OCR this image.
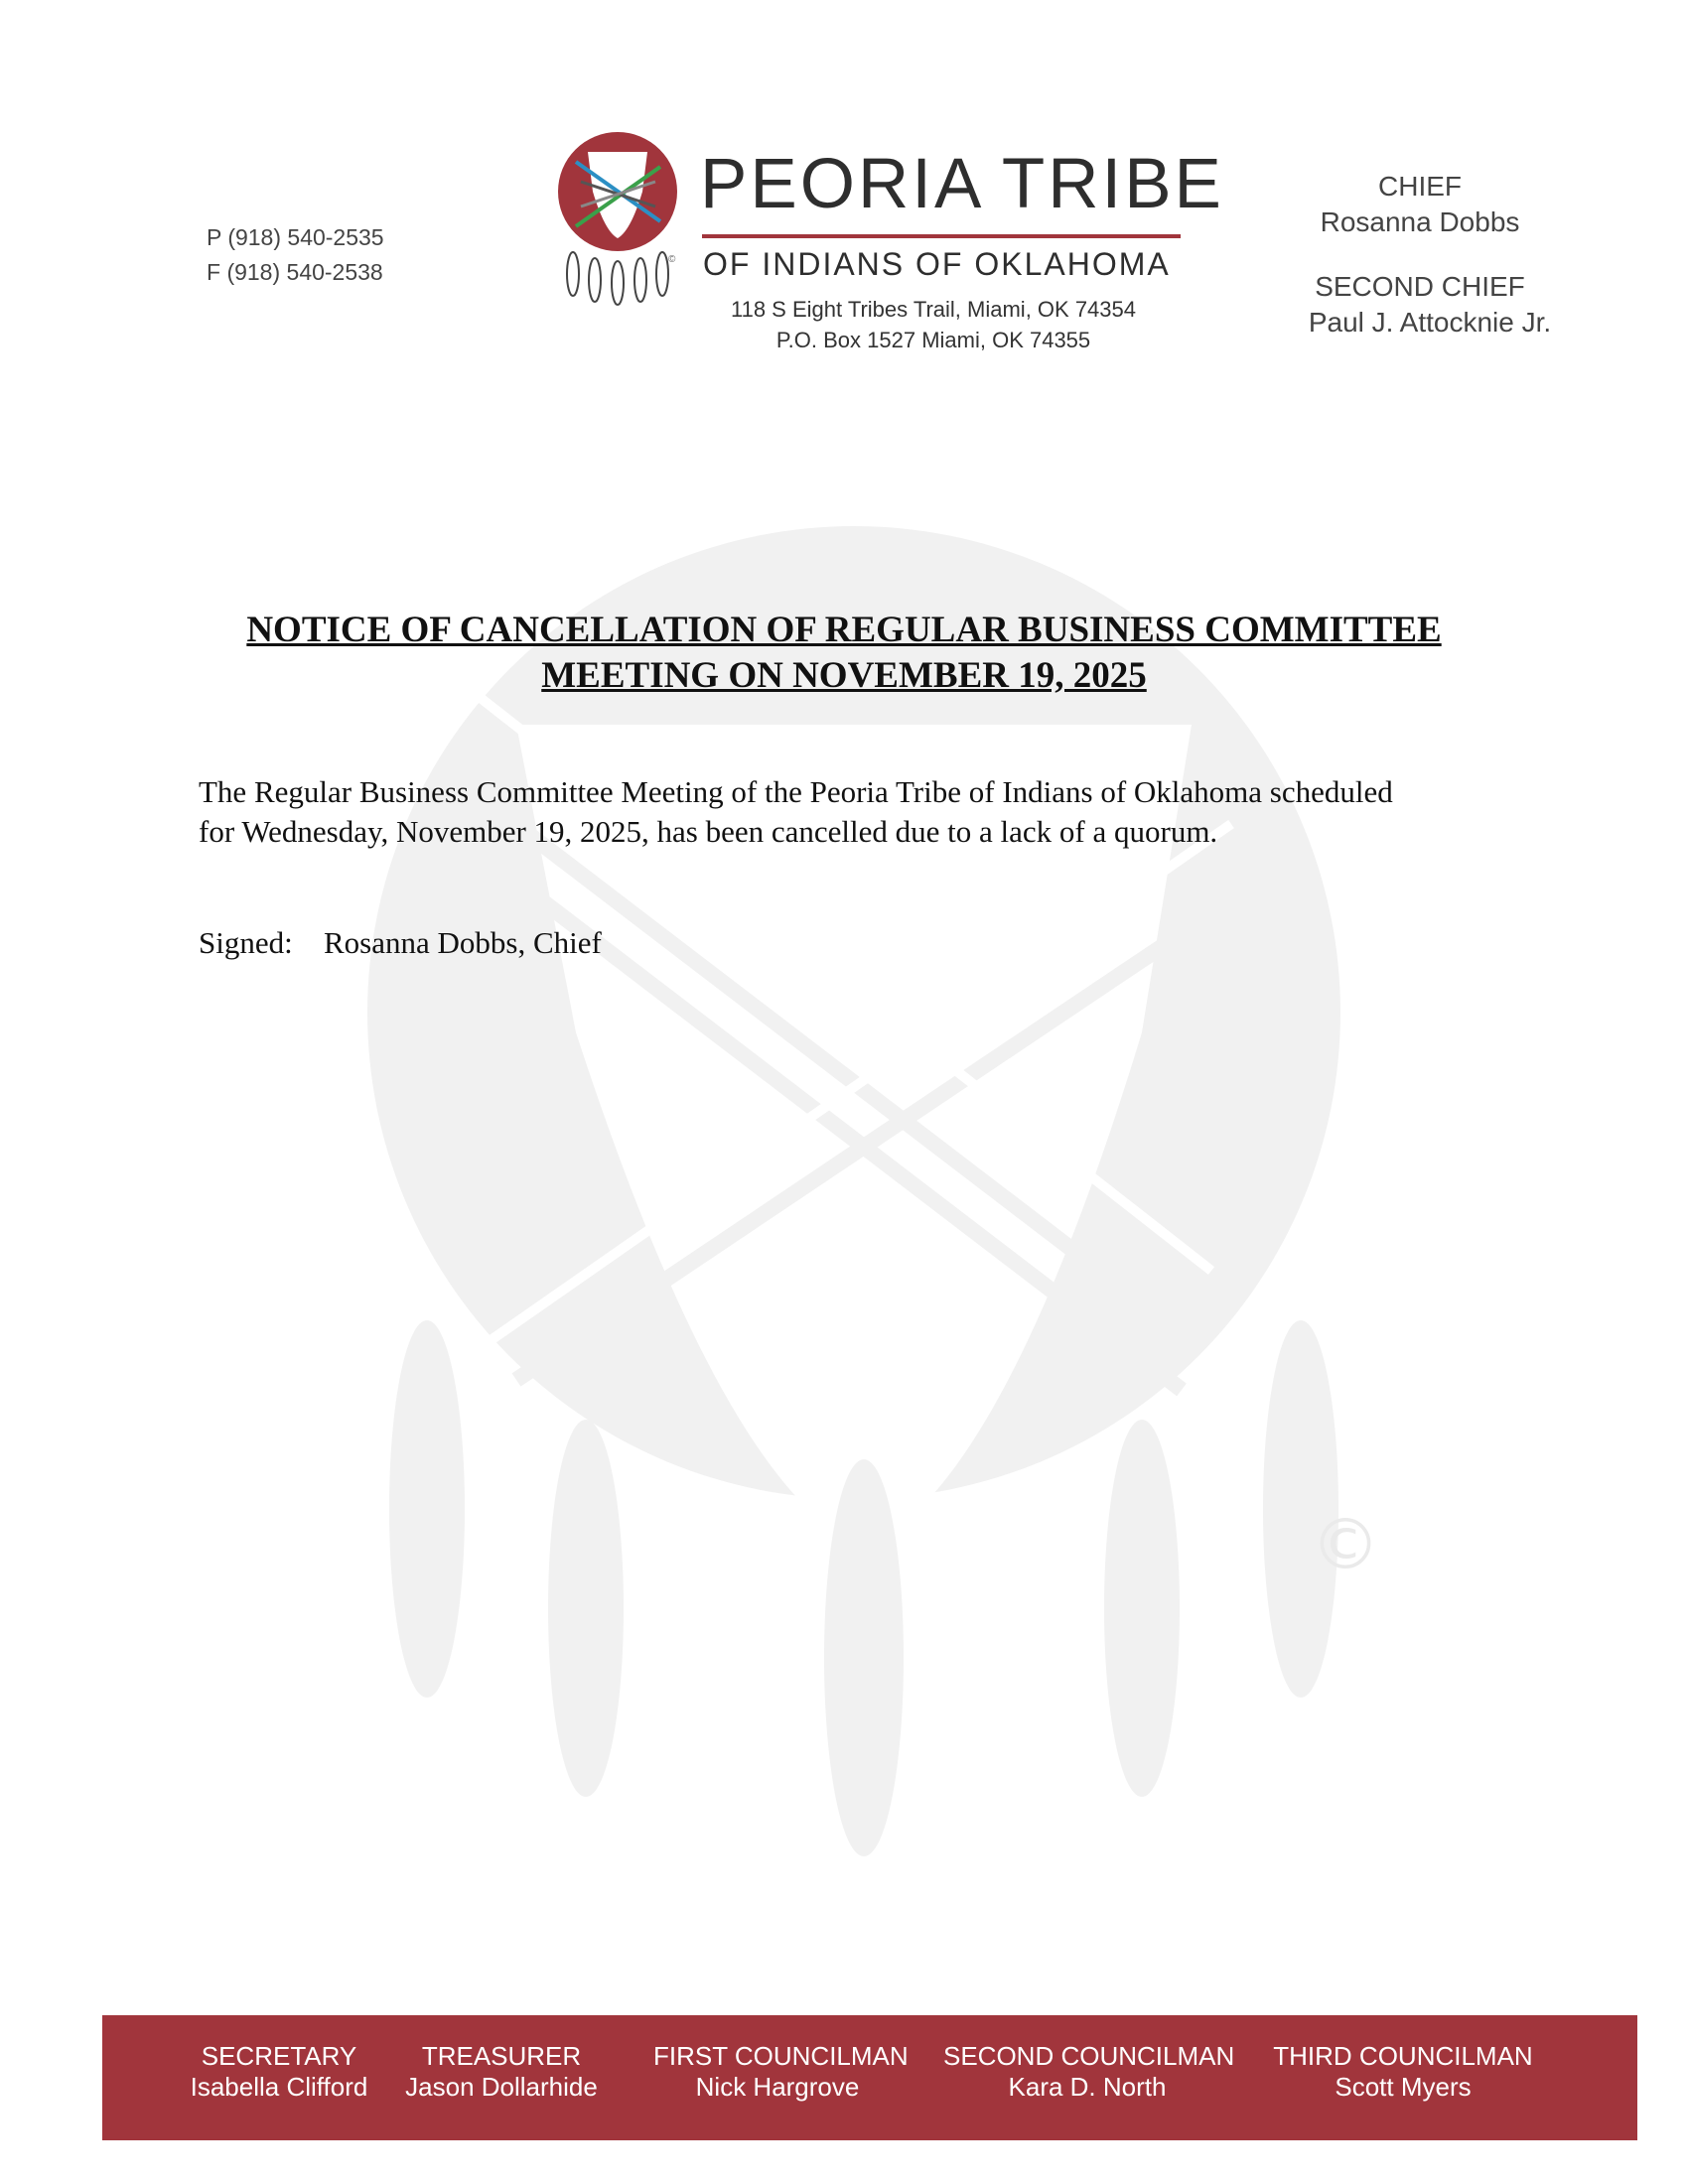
©
P (918) 540-2535
F (918) 540-2538	©
PEORIA TRIBE
OF INDIANS OF OKLAHOMA
118 S Eight Tribes Trail, Miami, OK 74354
P.O. Box 1527 Miami, OK 74355
CHIEF
Rosanna Dobbs
SECOND CHIEF
Paul J. Attocknie Jr.
NOTICE OF CANCELLATION OF REGULAR BUSINESS COMMITTEE
MEETING ON NOVEMBER 19, 2025
The Regular Business Committee Meeting of the Peoria Tribe of Indians of Oklahoma scheduled
for Wednesday, November 19, 2025, has been cancelled due to a lack of a quorum.
Signed: Rosanna Dobbs, Chief
SECRETARY
Isabella Clifford
TREASURER
Jason Dollarhide
FIRST COUNCILMAN
Nick Hargrove
SECOND COUNCILMAN
Kara D. North
THIRD COUNCILMAN
Scott Myers
